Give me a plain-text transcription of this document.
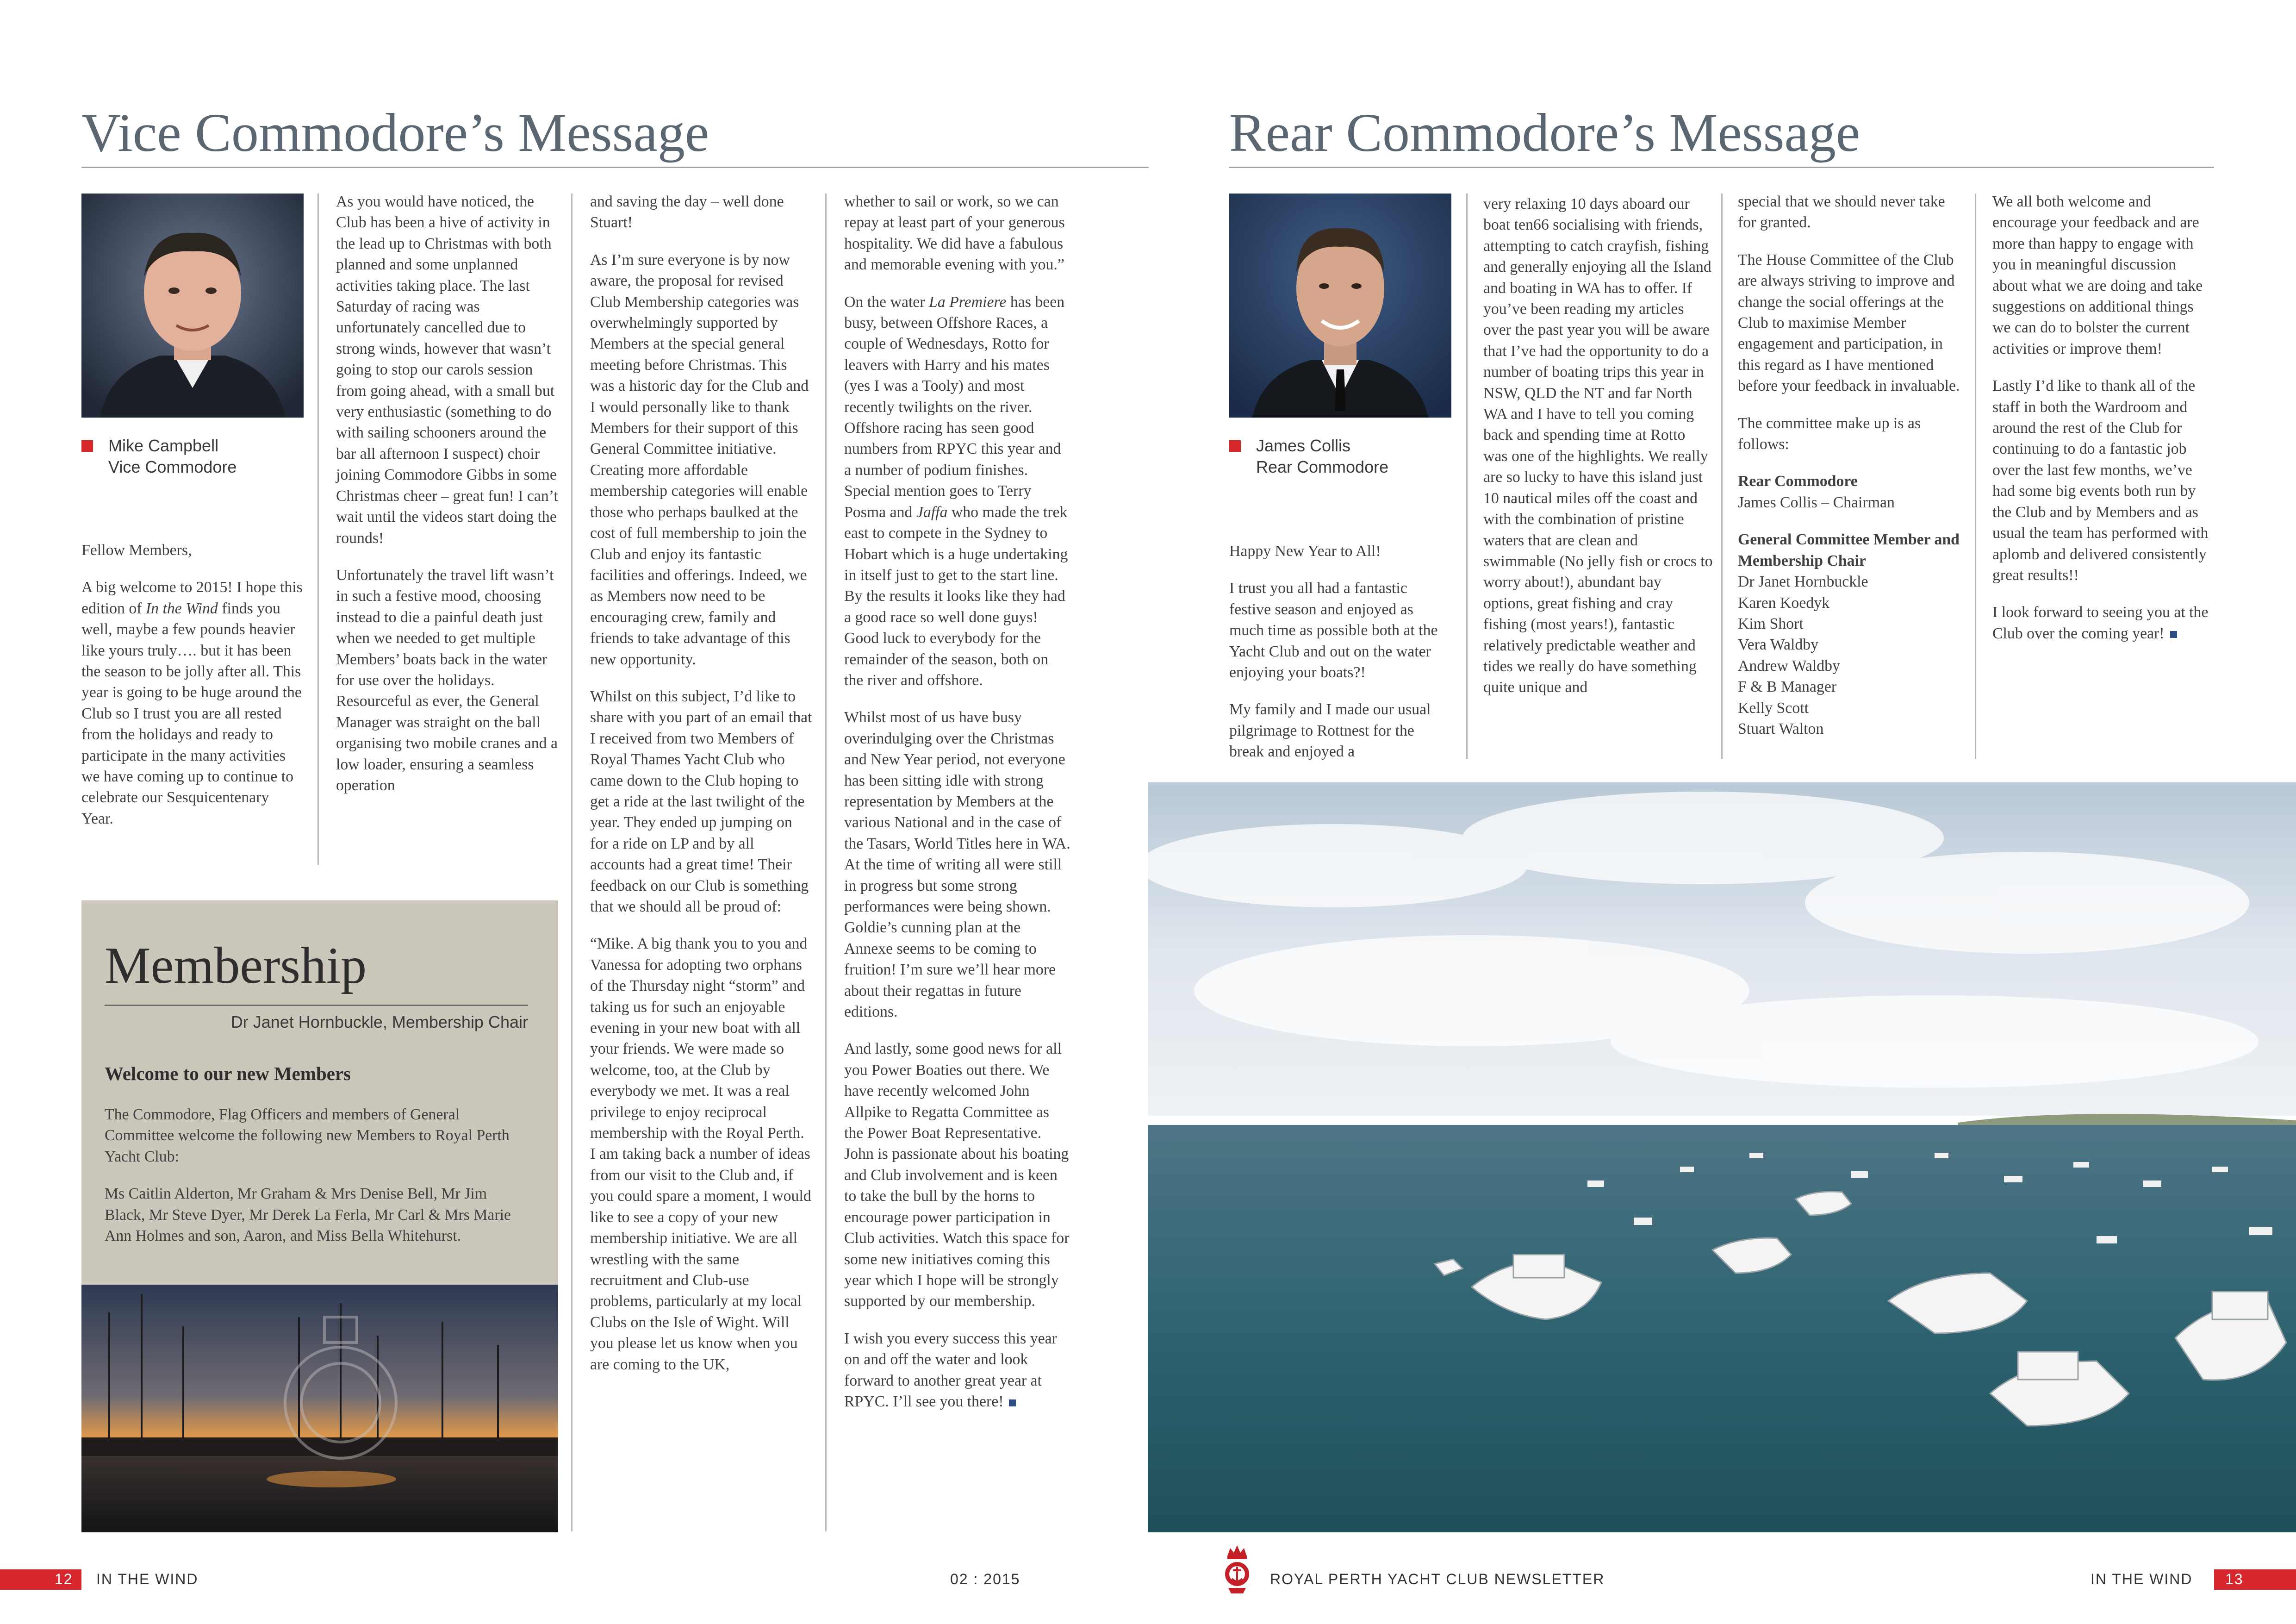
Vice Commodore’s Message
Mike Campbell
Vice Commodore

Fellow Members,

A big welcome to 2015! I hope this edition of In the Wind finds you well, maybe a few pounds heavier like yours truly…. but it has been the season to be jolly after all. This year is going to be huge around the Club so I trust you are all rested from the holidays and ready to participate in the many activities we have coming up to continue to celebrate our Sesquicentenary Year.

As you would have noticed, the Club has been a hive of activity in the lead up to Christmas with both planned and some unplanned activities taking place. The last Saturday of racing was unfortunately cancelled due to strong winds, however that wasn’t going to stop our carols session from going ahead, with a small but very enthusiastic (something to do with sailing schooners around the bar all afternoon I suspect) choir joining Commodore Gibbs in some Christmas cheer – great fun! I can’t wait until the videos start doing the rounds!

Unfortunately the travel lift wasn’t in such a festive mood, choosing instead to die a painful death just when we needed to get multiple Members’ boats back in the water for use over the holidays. Resourceful as ever, the General Manager was straight on the ball organising two mobile cranes and a low loader, ensuring a seamless operation

and saving the day – well done Stuart!

As I’m sure everyone is by now aware, the proposal for revised Club Membership categories was overwhelmingly supported by Members at the special general meeting before Christmas. This was a historic day for the Club and I would personally like to thank Members for their support of this General Committee initiative. Creating more affordable membership categories will enable those who perhaps baulked at the cost of full membership to join the Club and enjoy its fantastic facilities and offerings. Indeed, we as Members now need to be encouraging crew, family and friends to take advantage of this new opportunity.

Whilst on this subject, I’d like to share with you part of an email that I received from two Members of Royal Thames Yacht Club who came down to the Club hoping to get a ride at the last twilight of the year. They ended up jumping on for a ride on LP and by all accounts had a great time! Their feedback on our Club is something that we should all be proud of:

“Mike. A big thank you to you and Vanessa for adopting two orphans of the Thursday night “storm” and taking us for such an enjoyable evening in your new boat with all your friends. We were made so welcome, too, at the Club by everybody we met. It was a real privilege to enjoy reciprocal membership with the Royal Perth. I am taking back a number of ideas from our visit to the Club and, if you could spare a moment, I would like to see a copy of your new membership initiative. We are all wrestling with the same recruitment and Club-use problems, particularly at my local Clubs on the Isle of Wight. Will you please let us know when you are coming to the UK,

whether to sail or work, so we can repay at least part of your generous hospitality. We did have a fabulous and memorable evening with you.”

On the water La Premiere has been busy, between Offshore Races, a couple of Wednesdays, Rotto for leavers with Harry and his mates (yes I was a Tooly) and most recently twilights on the river. Offshore racing has seen good numbers from RPYC this year and a number of podium finishes. Special mention goes to Terry Posma and Jaffa who made the trek east to compete in the Sydney to Hobart which is a huge undertaking in itself just to get to the start line. By the results it looks like they had a good race so well done guys! Good luck to everybody for the remainder of the season, both on the river and offshore.

Whilst most of us have busy overindulging over the Christmas and New Year period, not everyone has been sitting idle with strong representation by Members at the various National and in the case of the Tasars, World Titles here in WA. At the time of writing all were still in progress but some strong performances were being shown. Goldie’s cunning plan at the Annexe seems to be coming to fruition! I’m sure we’ll hear more about their regattas in future editions.

And lastly, some good news for all you Power Boaties out there. We have recently welcomed John Allpike to Regatta Committee as the Power Boat Representative. John is passionate about his boating and Club involvement and is keen to take the bull by the horns to encourage power participation in Club activities. Watch this space for some new initiatives coming this year which I hope will be strongly supported by our membership.

I wish you every success this year on and off the water and look forward to another great year at RPYC. I’ll see you there!

Membership
Dr Janet Hornbuckle, Membership Chair
Welcome to our new Members

The Commodore, Flag Officers and members of General Committee welcome the following new Members to Royal Perth Yacht Club:

Ms Caitlin Alderton, Mr Graham & Mrs Denise Bell, Mr Jim Black, Mr Steve Dyer, Mr Derek La Ferla, Mr Carl & Mrs Marie Ann Holmes and son, Aaron, and Miss Bella Whitehurst.

Rear Commodore’s Message
James Collis
Rear Commodore

Happy New Year to All!

I trust you all had a fantastic festive season and enjoyed as much time as possible both at the Yacht Club and out on the water enjoying your boats?!

My family and I made our usual pilgrimage to Rottnest for the break and enjoyed a

very relaxing 10 days aboard our boat ten66 socialising with friends, attempting to catch crayfish, fishing and generally enjoying all the Island and boating in WA has to offer. If you’ve been reading my articles over the past year you will be aware that I’ve had the opportunity to do a number of boating trips this year in NSW, QLD the NT and far North WA and I have to tell you coming back and spending time at Rotto was one of the highlights. We really are so lucky to have this island just 10 nautical miles off the coast and with the combination of pristine waters that are clean and swimmable (No jelly fish or crocs to worry about!), abundant bay options, great fishing and cray fishing (most years!), fantastic relatively predictable weather and tides we really do have something quite unique and

special that we should never take for granted.

The House Committee of the Club are always striving to improve and change the social offerings at the Club to maximise Member engagement and participation, in this regard as I have mentioned before your feedback in invaluable.

The committee make up is as follows:

Rear Commodore

James Collis – Chairman

General Committee Member and Membership Chair
Dr Janet Hornbuckle
Karen Koedyk
Kim Short
Vera Waldby
Andrew Waldby
F & B Manager
Kelly Scott
Stuart Walton

We all both welcome and encourage your feedback and are more than happy to engage with you in meaningful discussion about what we are doing and take suggestions on additional things we can do to bolster the current activities or improve them!

Lastly I’d like to thank all of the staff in both the Wardroom and around the rest of the Club for continuing to do a fantastic job over the last few months, we’ve had some big events both run by the Club and by Members and as usual the team has performed with aplomb and delivered consistently great results!!

I look forward to seeing you at the Club over the coming year!

12 IN THE WIND	02 : 2015	ROYAL PERTH YACHT CLUB NEWSLETTER	IN THE WIND 13
